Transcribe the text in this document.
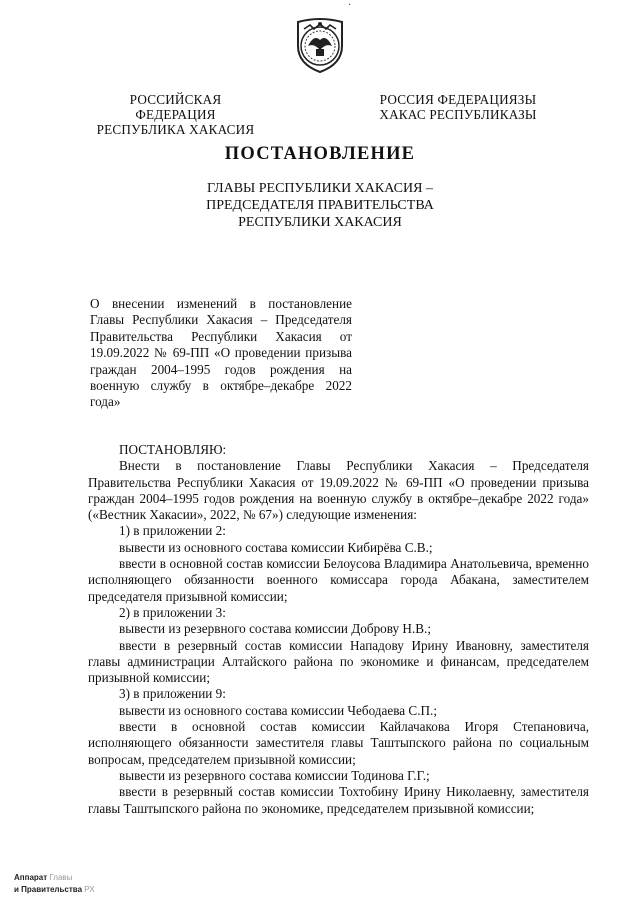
·
РОССИЙСКАЯ ФЕДЕРАЦИЯ
РЕСПУБЛИКА ХАКАСИЯ
РОССИЯ ФЕДЕРАЦИЯЗЫ
ХАКАС РЕСПУБЛИКАЗЫ
ПОСТАНОВЛЕНИЕ
ГЛАВЫ РЕСПУБЛИКИ ХАКАСИЯ –
ПРЕДСЕДАТЕЛЯ ПРАВИТЕЛЬСТВА
РЕСПУБЛИКИ ХАКАСИЯ
О внесении изменений в постановление Главы Республики Хакасия – Председателя Правительства Республики Хакасия от 19.09.2022 № 69-ПП «О проведении призыва граждан 2004–1995 годов рождения на военную службу в октябре–декабре 2022 года»

ПОСТАНОВЛЯЮ:

Внести в постановление Главы Республики Хакасия – Председателя Правительства Республики Хакасия от 19.09.2022 № 69-ПП «О проведении призыва граждан 2004–1995 годов рождения на военную службу в октябре–декабре 2022 года» («Вестник Хакасии», 2022, № 67») следующие изменения:

1) в приложении 2:

вывести из основного состава комиссии Кибирёва С.В.;

ввести в основной состав комиссии Белоусова Владимира Анатольевича, временно исполняющего обязанности военного комиссара города Абакана, заместителем председателя призывной комиссии;

2) в приложении 3:

вывести из резервного состава комиссии Доброву Н.В.;

ввести в резервный состав комиссии Нападову Ирину Ивановну, заместителя главы администрации Алтайского района по экономике и финансам, председателем призывной комиссии;

3) в приложении 9:

вывести из основного состава комиссии Чебодаева С.П.;

ввести в основной состав комиссии Кайлачакова Игоря Степановича, исполняющего обязанности заместителя главы Таштыпского района по социальным вопросам, председателем призывной комиссии;

вывести из резервного состава комиссии Тодинова Г.Г.;

ввести в резервный состав комиссии Тохтобину Ирину Николаевну, заместителя главы Таштыпского района по экономике, председателем призывной комиссии;

Аппарат Главы
и Правительства РХ
